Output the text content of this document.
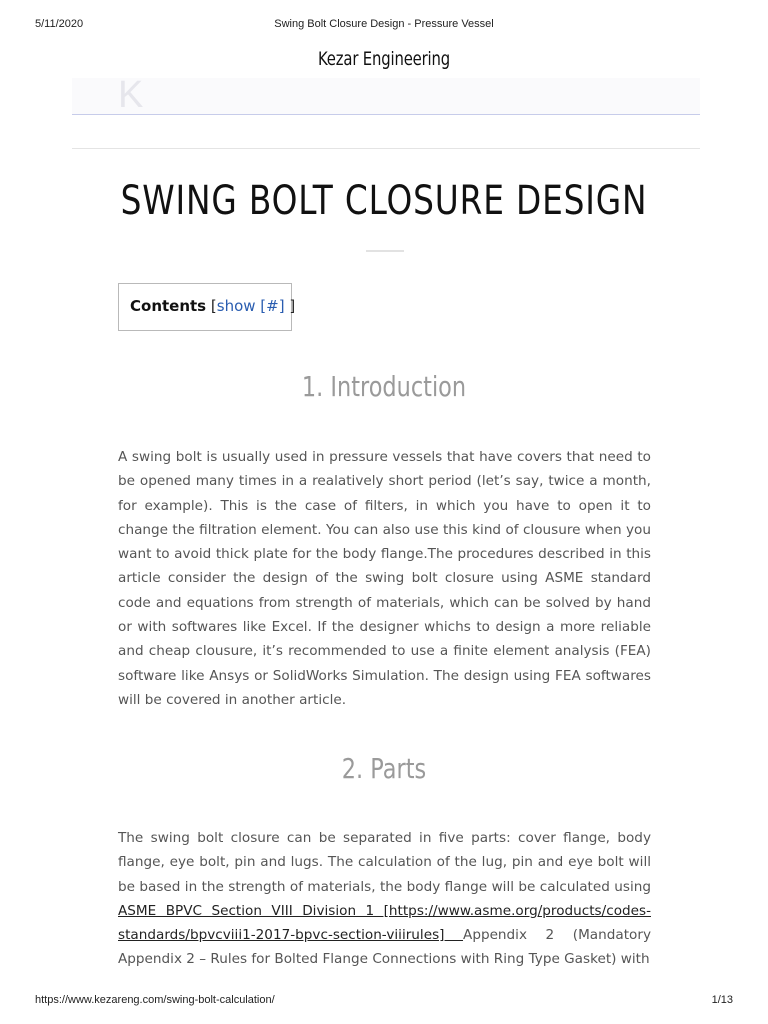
5/11/2020	Swing Bolt Closure Design - Pressure Vessel
Kezar Engineering
K
SWING BOLT CLOSURE DESIGN
Contents [show [#] ]
1. Introduction

A swing bolt is usually used in pressure vessels that have covers that need to be opened many times in a realatively short period (let’s say, twice a month, for example). This is the case of filters, in which you have to open it to change the filtration element. You can also use this kind of clousure when you want to avoid thick plate for the body flange.The procedures described in this article consider the design of the swing bolt closure using ASME standard code and equations from strength of materials, which can be solved by hand or with softwares like Excel. If the designer whichs to design a more reliable and cheap clousure, it’s recommended to use a finite element analysis (FEA) software like Ansys or SolidWorks Simulation. The design using FEA softwares will be covered in another article.

2. Parts

The swing bolt closure can be separated in five parts: cover flange, body flange, eye bolt, pin and lugs. The calculation of the lug, pin and eye bolt will be based in the strength of materials, the body flange will be calculated using ASME BPVC Section VIII Division 1 [https://www.asme.org/products/codes-standards/bpvcviii1-2017-bpvc-section-viiirules] Appendix 2 (Mandatory Appendix 2 – Rules for Bolted Flange Connections with Ring Type Gasket) with

https://www.kezareng.com/swing-bolt-calculation/	1/13
